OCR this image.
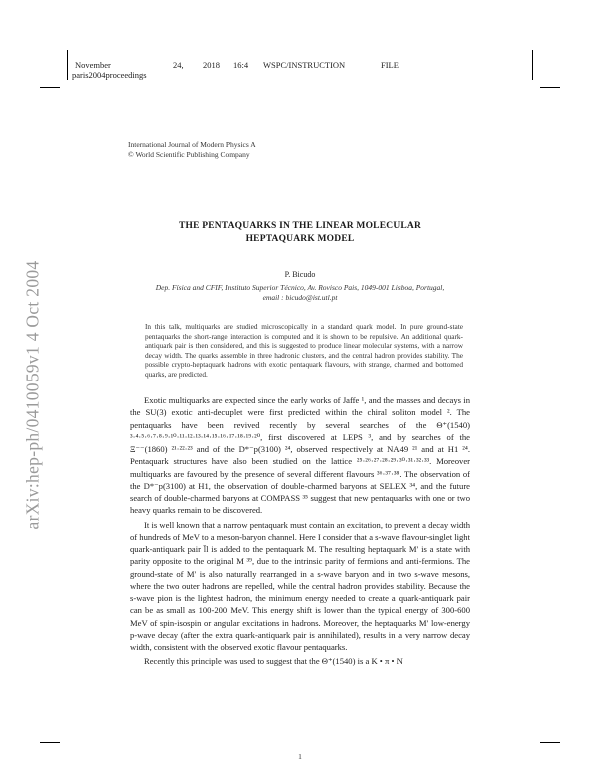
November	24,	2018	16:4	WSPC/INSTRUCTION	FILE
paris2004proceedings
arXiv:hep-ph/0410059v1 4 Oct 2004
International Journal of Modern Physics A
© World Scientific Publishing Company
THE PENTAQUARKS IN THE LINEAR MOLECULAR
HEPTAQUARK MODEL
P. Bicudo
Dep. Física and CFIF, Instituto Superior Técnico, Av. Rovisco Pais, 1049-001 Lisboa, Portugal,
email : bicudo@ist.utl.pt
In this talk, multiquarks are studied microscopically in a standard quark model. In pure ground-state pentaquarks the short-range interaction is computed and it is shown to be repulsive. An additional quark-antiquark pair is then considered, and this is suggested to produce linear molecular systems, with a narrow decay width. The quarks assemble in three hadronic clusters, and the central hadron provides stability. The possible crypto-heptaquark hadrons with exotic pentaquark flavours, with strange, charmed and bottomed quarks, are predicted.

Exotic multiquarks are expected since the early works of Jaffe ¹, and the masses and decays in the SU(3) exotic anti-decuplet were first predicted within the chiral soliton model ². The pentaquarks have been revived recently by several searches of the Θ⁺(1540) ³·⁴·⁵·⁶·⁷·⁸·⁹·¹⁰·¹¹·¹²·¹³·¹⁴·¹⁵·¹⁶·¹⁷·¹⁸·¹⁹·²⁰, first discovered at LEPS ³, and by searches of the Ξ⁻⁻(1860) ²¹·²²·²³ and of the D*⁻p(3100) ²⁴, observed respectively at NA49 ²¹ and at H1 ²⁴. Pentaquark structures have also been studied on the lattice ²⁵·²⁶·²⁷·²⁸·²⁹·³⁰·³¹·³²·³³. Moreover multiquarks are favoured by the presence of several different flavours ³⁶·³⁷·³⁸. The observation of the D*⁻p(3100) at H1, the observation of double-charmed baryons at SELEX ³⁴, and the future search of double-charmed baryons at COMPASS ³⁵ suggest that new pentaquarks with one or two heavy quarks remain to be discovered.

It is well known that a narrow pentaquark must contain an excitation, to prevent a decay width of hundreds of MeV to a meson-baryon channel. Here I consider that a s-wave flavour-singlet light quark-antiquark pair l̄l is added to the pentaquark M. The resulting heptaquark M′ is a state with parity opposite to the original M ³⁹, due to the intrinsic parity of fermions and anti-fermions. The ground-state of M′ is also naturally rearranged in a s-wave baryon and in two s-wave mesons, where the two outer hadrons are repelled, while the central hadron provides stability. Because the s-wave pion is the lightest hadron, the minimum energy needed to create a quark-antiquark pair can be as small as 100-200 MeV. This energy shift is lower than the typical energy of 300-600 MeV of spin-isospin or angular excitations in hadrons. Moreover, the heptaquarks M′ low-energy p-wave decay (after the extra quark-antiquark pair is annihilated), results in a very narrow decay width, consistent with the observed exotic flavour pentaquarks.

Recently this principle was used to suggest that the Θ⁺(1540) is a K • π • N

1
